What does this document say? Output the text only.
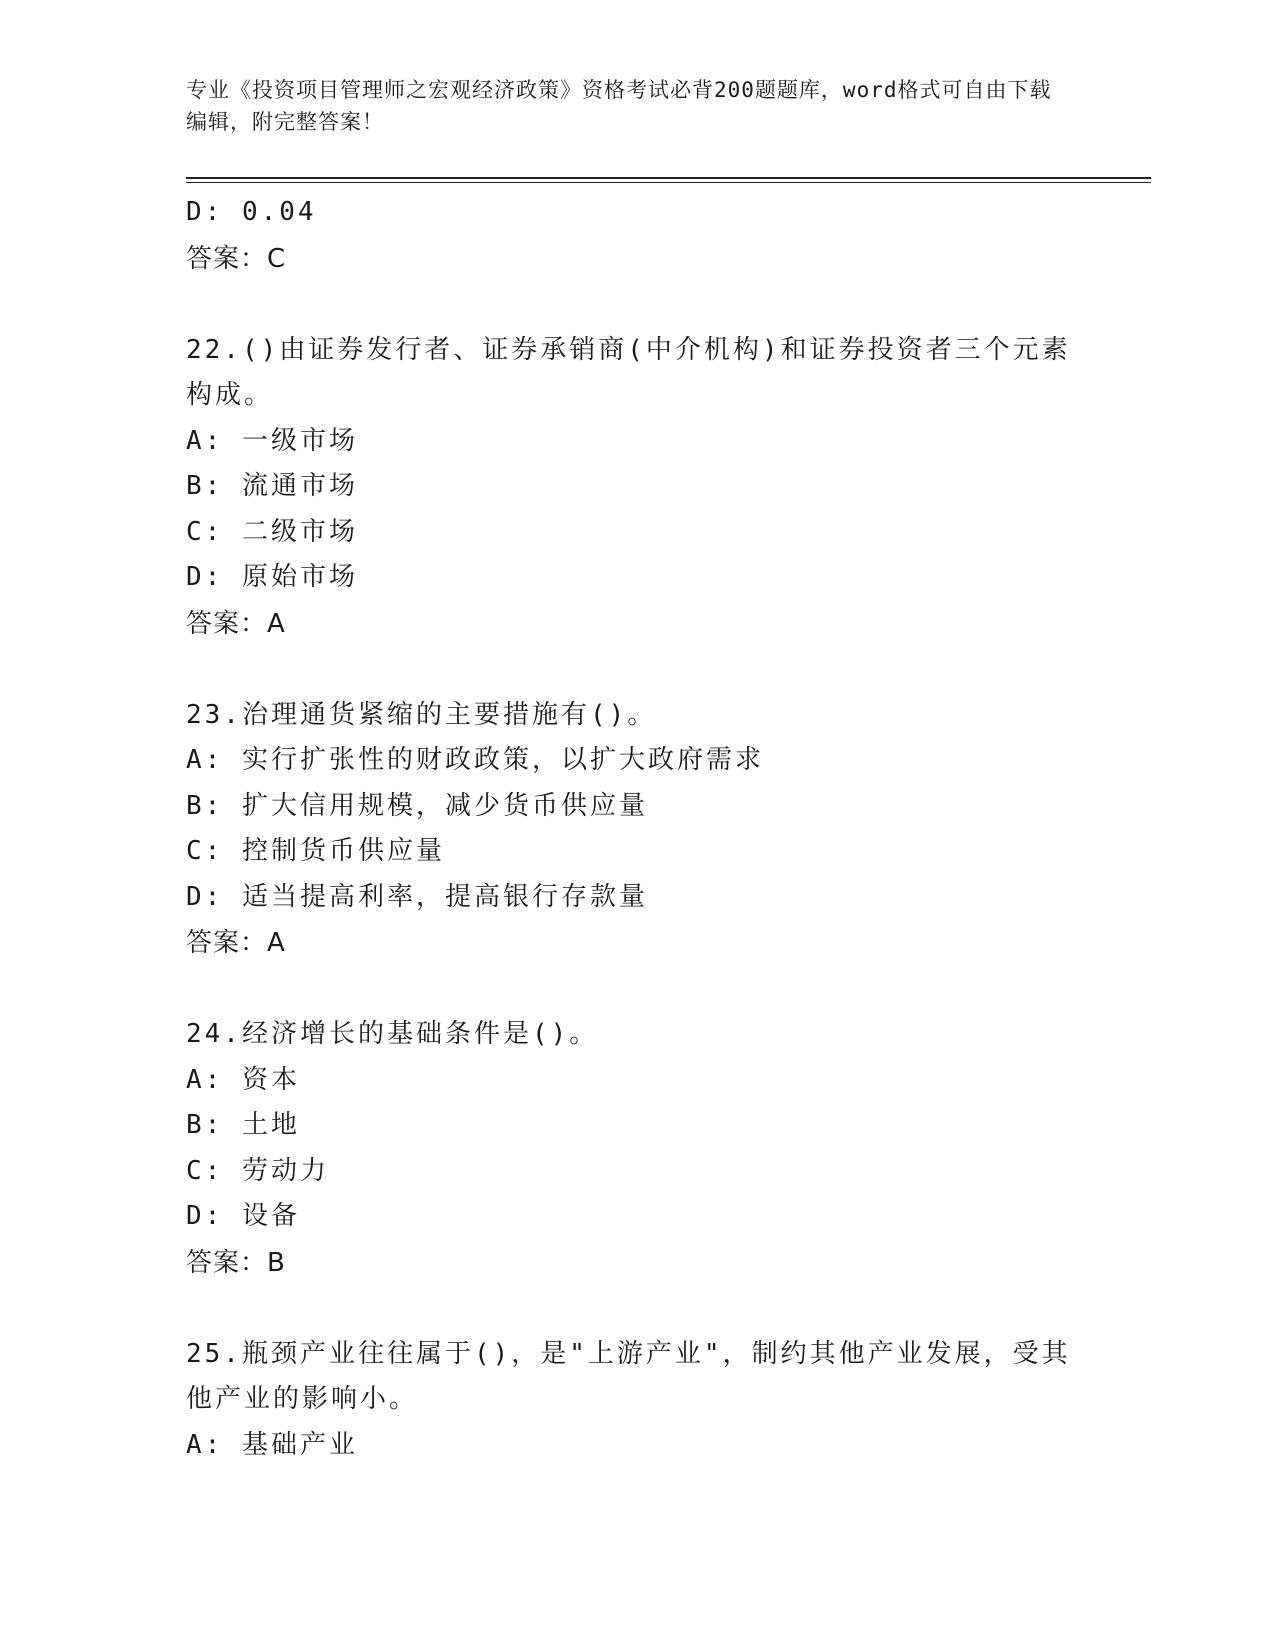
专业《投资项目管理师之宏观经济政策》资格考试必背200题题库，word格式可自由下载编辑，附完整答案！
D: 0.04
答案：C

22.()由证券发行者、证券承销商(中介机构)和证券投资者三个元素构成。

A: 一级市场
B: 流通市场
C: 二级市场
D: 原始市场
答案：A

23.治理通货紧缩的主要措施有()。

A: 实行扩张性的财政政策，以扩大政府需求
B: 扩大信用规模，减少货币供应量
C: 控制货币供应量
D: 适当提高利率，提高银行存款量
答案：A

24.经济增长的基础条件是()。

A: 资本
B: 土地
C: 劳动力
D: 设备
答案：B

25.瓶颈产业往往属于()，是"上游产业"，制约其他产业发展，受其他产业的影响小。

A: 基础产业
